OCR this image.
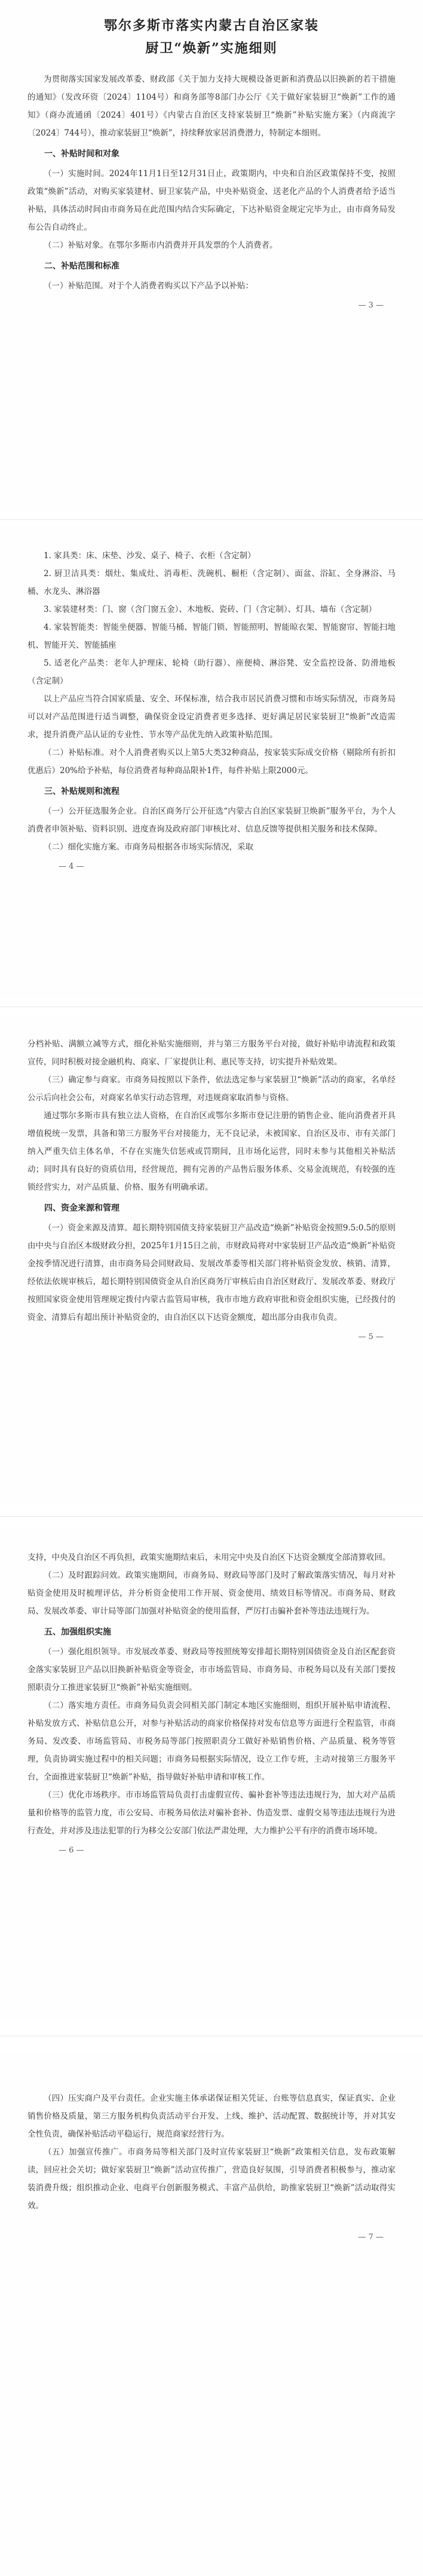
鄂尔多斯市落实内蒙古自治区家装
厨卫“焕新”实施细则

为贯彻落实国家发展改革委、财政部《关于加力支持大规模设备更新和消费品以旧换新的若干措施的通知》（发改环资〔2024〕1104号）和商务部等8部门办公厅《关于做好家装厨卫“焕新”工作的通知》（商办流通函〔2024〕401号）《内蒙古自治区支持家装厨卫“焕新”补贴实施方案》（内商流字〔2024〕744号），推动家装厨卫“焕新”，持续释放家居消费潜力，特制定本细则。

一、补贴时间和对象

（一）实施时间。2024年11月1日至12月31日止，政策期内，中央和自治区政策保持不变，按照政策“焕新”活动，对购买家装建材、厨卫家装产品，中央补贴资金、送老化产品的个人消费者给予适当补贴，具体活动时间由市商务局在此范围内结合实际确定，下达补贴资金规定完毕为止，由市商务局发布公告自动终止。

（二）补贴对象。在鄂尔多斯市内消费并开具发票的个人消费者。

二、补贴范围和标准

（一）补贴范围。对于个人消费者购买以下产品予以补贴：

— 3 —

1. 家具类：床、床垫、沙发、桌子、椅子、衣柜（含定制）

2. 厨卫洁具类：烟灶、集成灶、消毒柜、洗碗机、橱柜（含定制）、面盆、浴缸、全身淋浴、马桶、水龙头、淋浴器

3. 家装建材类：门、窗（含门窗五金）、木地板、瓷砖、门（含定制）、灯具、墙布（含定制）

4. 家装智能类：智能坐便器、智能马桶、智能门锁、智能照明、智能晾衣架、智能窗帘、智能扫地机、智能开关、智能插座

5. 适老化产品类：老年人护理床、轮椅（助行器）、座便椅、淋浴凳、安全监控设备、防滑地板（含定制）

以上产品应当符合国家质量、安全、环保标准，结合我市居民消费习惯和市场实际情况，市商务局可以对产品范围进行适当调整，确保资金设定消费者更多选择、更好满足居民家装厨卫“焕新”改造需求，提升消费产品认证的专业性、节水等产品优先纳入政策补贴范围。

（二）补贴标准。对个人消费者购买以上第5大类32种商品，按家装实际成交价格（剔除所有折扣优惠后）20%给予补贴，每位消费者每种商品限补1件，每件补贴上限2000元。

三、补贴规则和流程

（一）公开征选服务企业。自治区商务厅公开征选“内蒙古自治区家装厨卫焕新”服务平台，为个人消费者申领补贴、资料识别、进度查询及政府部门审核比对、信息反馈等提供相关服务和技术保障。

（二）细化实施方案。市商务局根据各市场实际情况，采取

— 4 —

分档补贴、满额立减等方式，细化补贴实施细则，并与第三方服务平台对接，做好补贴申请流程和政策宣传，同时积极对接金融机构、商家、厂家提供让利、惠民等支持，切实提升补贴效果。

（三）确定参与商家。市商务局按照以下条件，依法选定参与家装厨卫“焕新”活动的商家，名单经公示后向社会公布，对商家名单实行动态管理，对违规商家取消参与资格。

通过鄂尔多斯市具有独立法人资格，在自治区或鄂尔多斯市登记注册的销售企业、能向消费者开具增值税统一发票，具备和第三方服务平台对接能力，无不良记录，未被国家、自治区及市、市有关部门纳入严重失信主体名单，不存在实施失信惩戒或罚期间，且市场化运营，同时未参与其他相关补贴活动；同时具有良好的资质信用，经营规范，拥有完善的产品售后服务体系、交易金流规范，有较强的连锁经营实力，对产品质量、价格、服务有明确承诺。

四、资金来源和管理

（一）资金来源及清算。超长期特别国债支持家装厨卫产品改造“焕新”补贴资金按照9.5:0.5的原则由中央与自治区本级财政分担，2025年1月15日之前，市财政局将对中家装厨卫产品改造“焕新”补贴资金按季情况进行清算，由市商务局会同财政局、发展改革委等相关部门将补贴资金发放、核销、清算，经依法依规审核后，超长期特别国债资金从自治区商务厅审核后由自治区财政厅、发展改革委、财政厅按照国家资金使用管理规定拨付内蒙古监管局审核，我市市地方政府审批和资金组织实施，已经拨付的资金、清算后有超出预计补贴资金的，由自治区以下达资金额度，超出部分由我市负责。

— 5 —

支持，中央及自治区不再负担，政策实施期结束后，未用完中央及自治区下达资金额度全部清算收回。

（二）及时跟踪问效。政策实施期间，市商务局、财政局等部门及时了解政策落实情况，每月对补贴资金使用及时梳理评估，并分析资金使用工作开展、资金使用、绩效目标等情况。市商务局、财政局、发展改革委、审计局等部门加强对补贴资金的使用监督，严厉打击骗补套补等违法违规行为。

五、加强组织实施

（一）强化组织领导。市发展改革委、财政局等按照统筹安排超长期特别国债资金及自治区配套资金落实家装厨卫产品以旧换新补贴资金等资金，市市场监管局、市商务局、市税务局以及有关部门要按照职责分工推进家装厨卫“焕新”补贴实施细则。

（二）落实地方责任。市商务局负责会同相关部门制定本地区实施细则，组织开展补贴申请流程、补贴发放方式、补贴信息公开，对参与补贴活动的商家价格保持对发布信息等方面进行全程监管，市商务局、发改委、市场监管局、市税务局等部门按照职责分工做好补贴销售价格、产品质量、税务等管理，负责协调实施过程中的相关问题；市商务局根据实际情况，设立工作专班，主动对接第三方服务平台，全面推进家装厨卫“焕新”补贴，指导做好补贴申请和审核工作。

（三）优化市场秩序。市市场监管局负责打击虚假宣传、骗补套补等违法违规行为，加大对产品质量和价格等的监管力度，市公安局、市税务局依法对骗补套补、伪造发票、虚假交易等违法违规行为进行查处，并对涉及违法犯罪的行为移交公安部门依法严肃处理，大力维护公平有序的消费市场环境。

— 6 —

（四）压实商户及平台责任。企业实施主体承诺保证相关凭证、台账等信息真实，保证真实、企业销售价格及质量，第三方服务机构负责活动平台开发、上线、维护、活动配置、数据统计等，并对其安全性负责，确保补贴活动平稳运行，规范商家经营行为。

（五）加强宣传推广。市商务局等相关部门及时宣传家装厨卫“焕新”政策相关信息，发布政策解读，回应社会关切；做好家装厨卫“焕新”活动宣传推广，营造良好氛围，引导消费者积极参与，推动家装消费升级；组织推动企业、电商平台创新服务模式、丰富产品供给，助推家装厨卫“焕新”活动取得实效。

— 7 —
